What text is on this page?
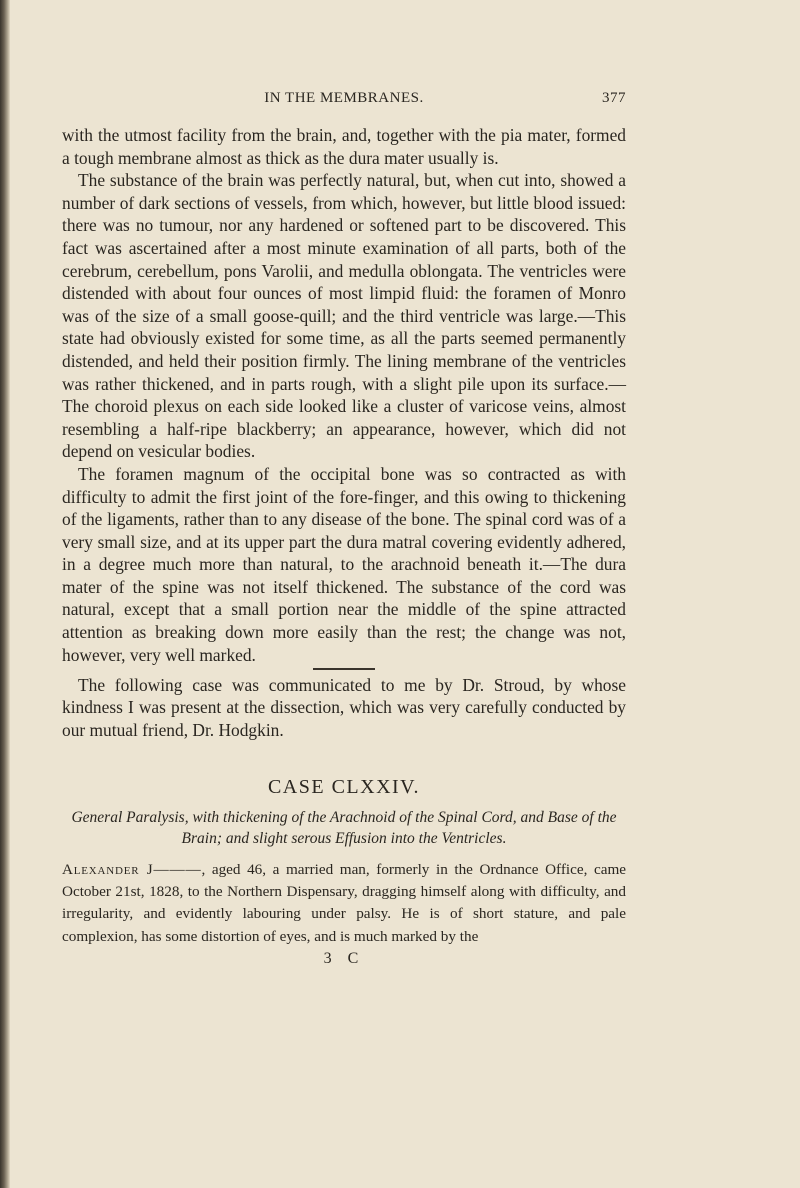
IN THE MEMBRANES.	377

with the utmost facility from the brain, and, together with the pia mater, formed a tough membrane almost as thick as the dura mater usually is.

The substance of the brain was perfectly natural, but, when cut into, showed a number of dark sections of vessels, from which, however, but little blood issued: there was no tumour, nor any hardened or softened part to be discovered. This fact was ascertained after a most minute examination of all parts, both of the cerebrum, cerebellum, pons Varolii, and medulla oblongata. The ventricles were distended with about four ounces of most limpid fluid: the foramen of Monro was of the size of a small goose-quill; and the third ventricle was large.—This state had obviously existed for some time, as all the parts seemed permanently distended, and held their position firmly. The lining membrane of the ventricles was rather thickened, and in parts rough, with a slight pile upon its surface.—The choroid plexus on each side looked like a cluster of varicose veins, almost resembling a half-ripe blackberry; an appearance, however, which did not depend on vesicular bodies.

The foramen magnum of the occipital bone was so contracted as with difficulty to admit the first joint of the fore-finger, and this owing to thickening of the ligaments, rather than to any disease of the bone. The spinal cord was of a very small size, and at its upper part the dura matral covering evidently adhered, in a degree much more than natural, to the arachnoid beneath it.—The dura mater of the spine was not itself thickened. The substance of the cord was natural, except that a small portion near the middle of the spine attracted attention as breaking down more easily than the rest; the change was not, however, very well marked.

The following case was communicated to me by Dr. Stroud, by whose kindness I was present at the dissection, which was very carefully conducted by our mutual friend, Dr. Hodgkin.

CASE CLXXIV.
General Paralysis, with thickening of the Arachnoid of the Spinal Cord, and Base of the Brain; and slight serous Effusion into the Ventricles.

Alexander J———, aged 46, a married man, formerly in the Ordnance Office, came October 21st, 1828, to the Northern Dispensary, dragging himself along with difficulty, and irregularity, and evidently labouring under palsy. He is of short stature, and pale complexion, has some distortion of eyes, and is much marked by the

3 C
